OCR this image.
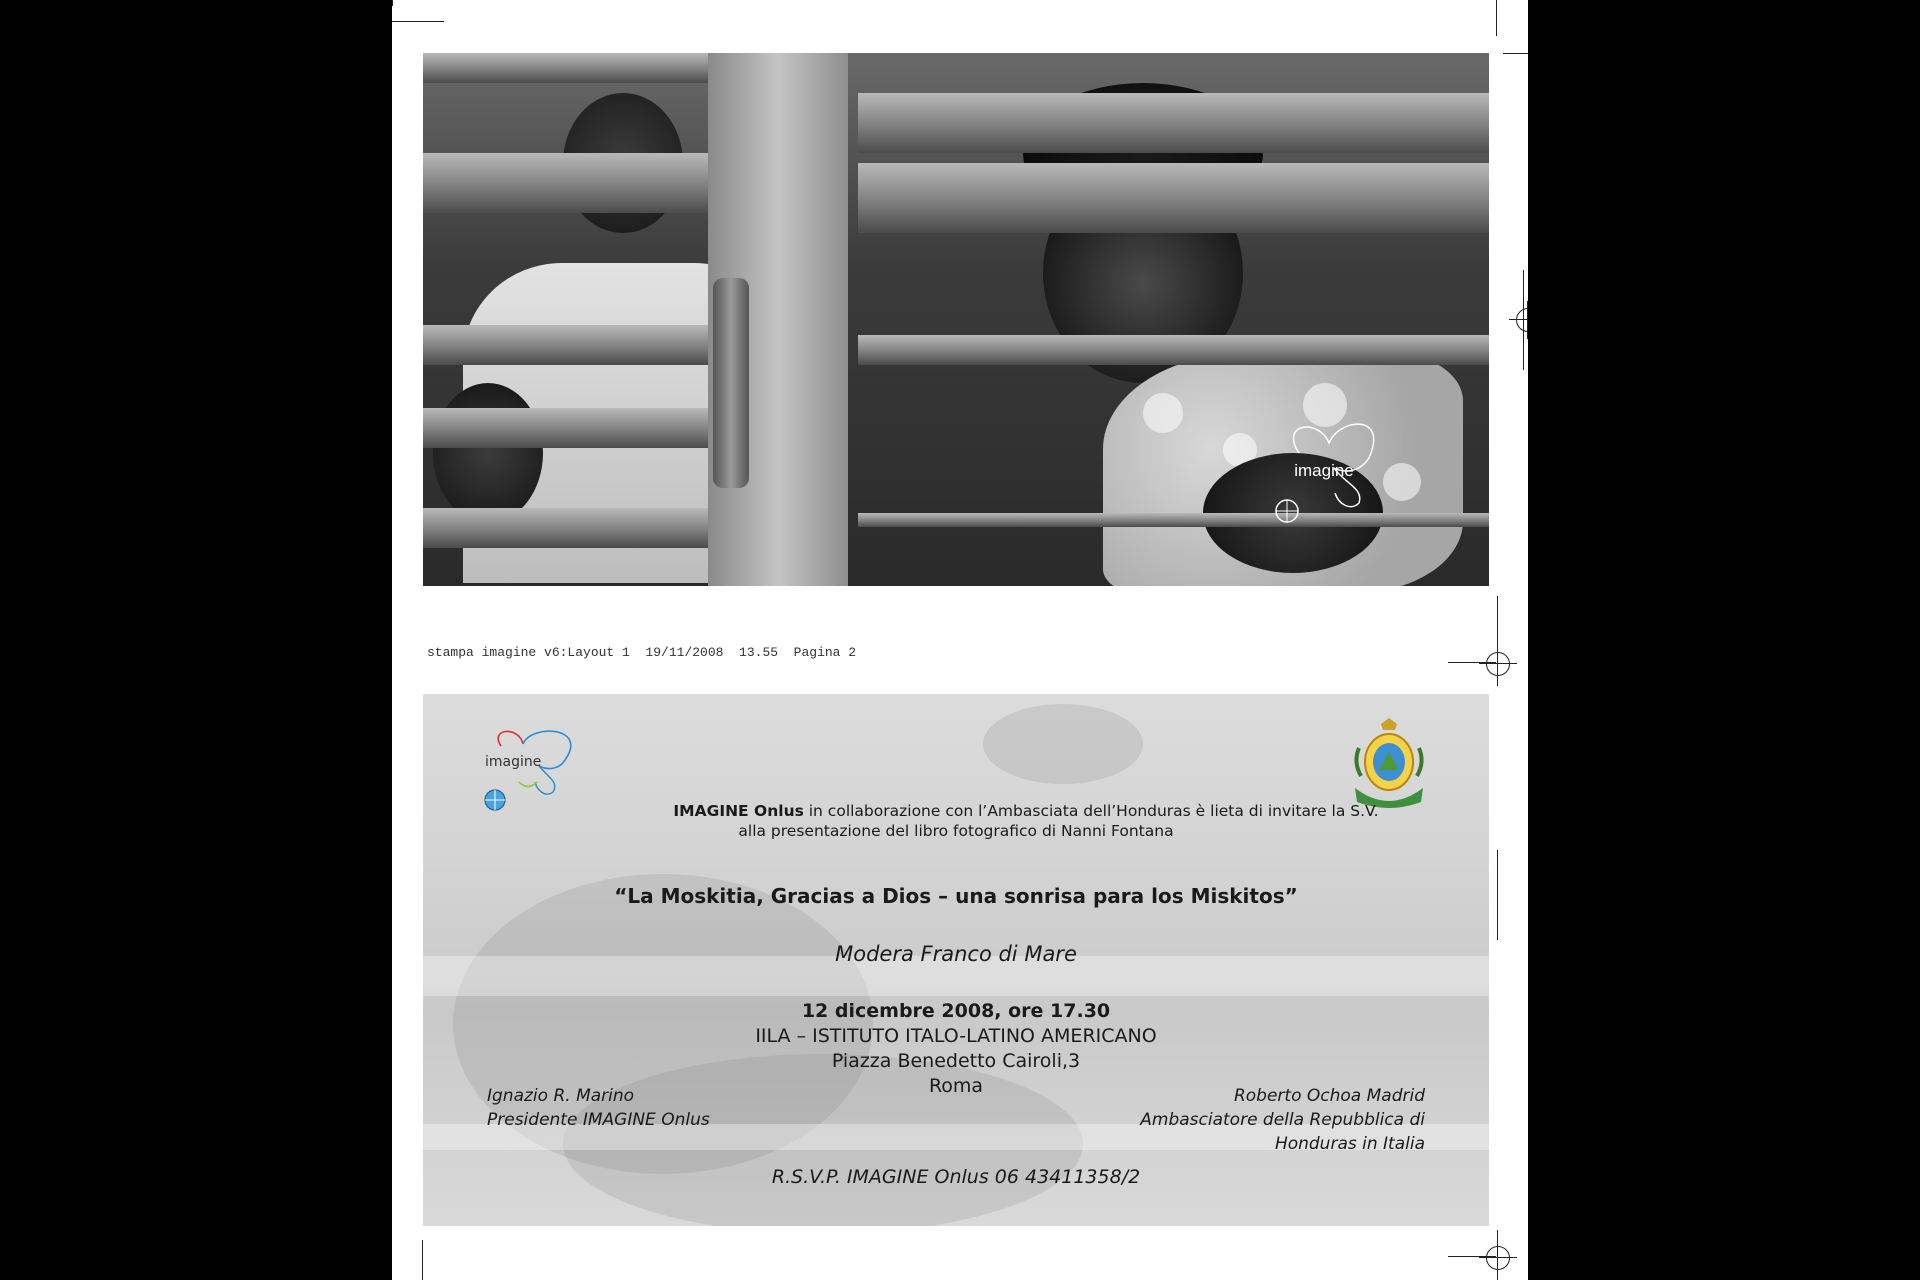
imagine
stampa imagine v6:Layout 1  19/11/2008  13.55  Pagina 2
imagine
IMAGINE Onlus in collaborazione con l’Ambasciata dell’Honduras è lieta di invitare la S.V.
alla presentazione del libro fotografico di Nanni Fontana
“La Moskitia, Gracias a Dios – una sonrisa para los Miskitos”
Modera Franco di Mare
12 dicembre 2008, ore 17.30
IILA – ISTITUTO ITALO-LATINO AMERICANO
Piazza Benedetto Cairoli,3
Roma
Ignazio R. Marino
Presidente IMAGINE Onlus
Roberto Ochoa Madrid
Ambasciatore della Repubblica di
Honduras in Italia
R.S.V.P. IMAGINE Onlus 06 43411358/2
